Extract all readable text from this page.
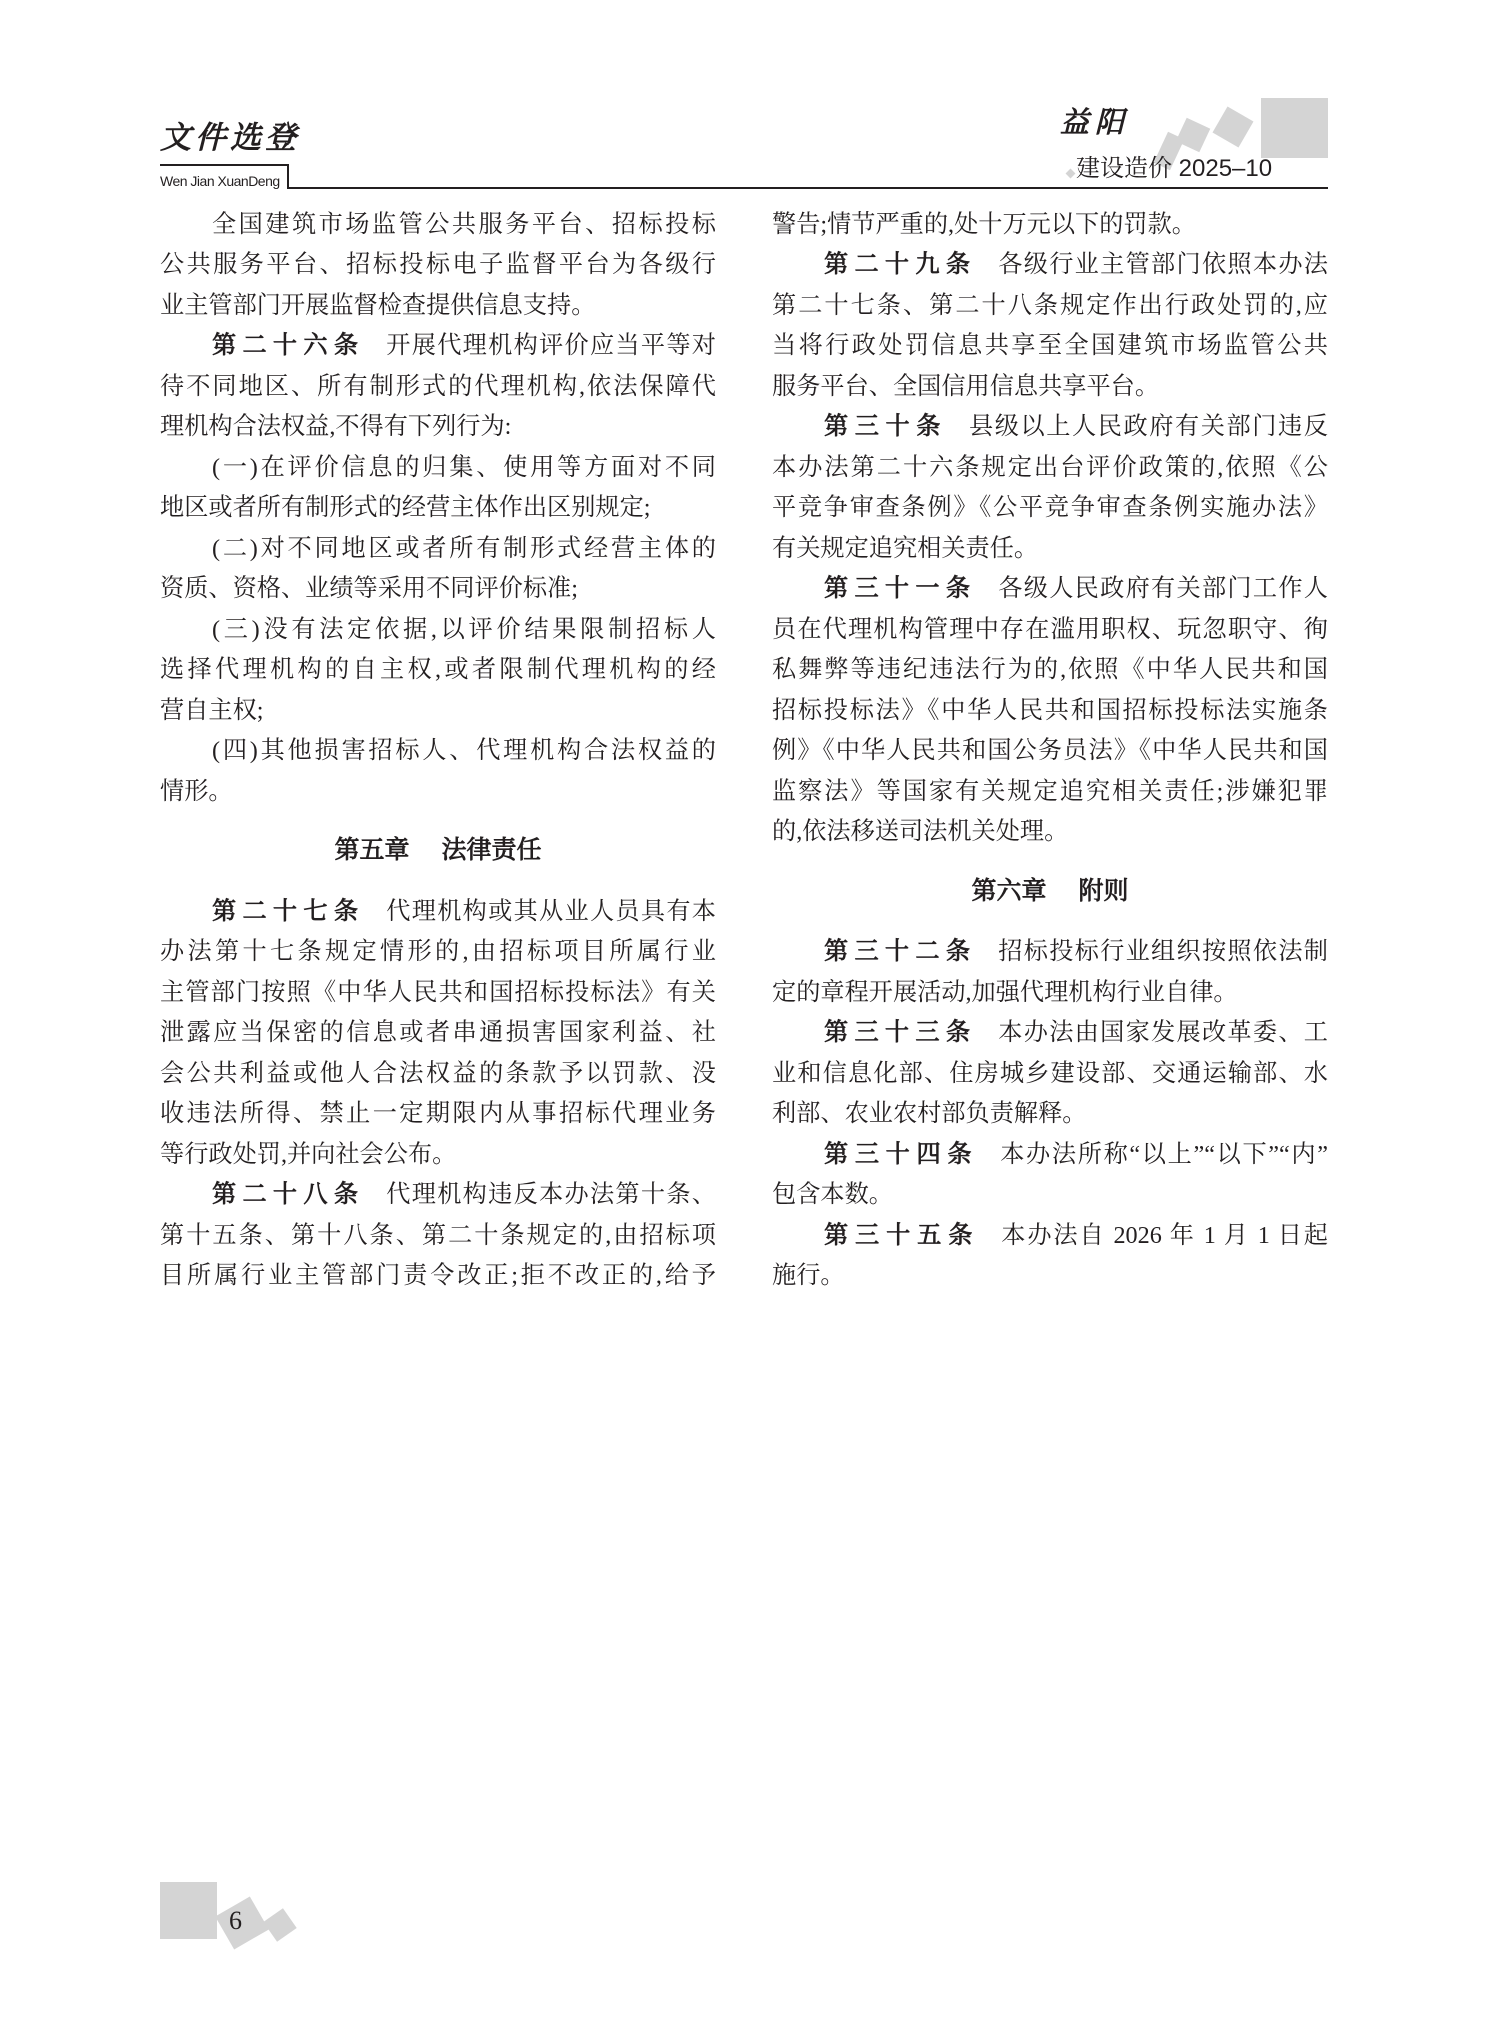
文件选登
Wen Jian XuanDeng
益阳
建设造价 2025–10
全国建筑市场监管公共服务平台、招标投标
公共服务平台、招标投标电子监督平台为各级行
业主管部门开展监督检查提供信息支持。
第二十六条 开展代理机构评价应当平等对
待不同地区、所有制形式的代理机构,依法保障代
理机构合法权益,不得有下列行为:
(一)在评价信息的归集、使用等方面对不同
地区或者所有制形式的经营主体作出区别规定;
(二)对不同地区或者所有制形式经营主体的
资质、资格、业绩等采用不同评价标准;
(三)没有法定依据,以评价结果限制招标人
选择代理机构的自主权,或者限制代理机构的经
营自主权;
(四)其他损害招标人、代理机构合法权益的
情形。
第五章 法律责任
第二十七条 代理机构或其从业人员具有本
办法第十七条规定情形的,由招标项目所属行业
主管部门按照《中华人民共和国招标投标法》有关
泄露应当保密的信息或者串通损害国家利益、社
会公共利益或他人合法权益的条款予以罚款、没
收违法所得、禁止一定期限内从事招标代理业务
等行政处罚,并向社会公布。
第二十八条 代理机构违反本办法第十条、
第十五条、第十八条、第二十条规定的,由招标项
目所属行业主管部门责令改正;拒不改正的,给予
警告;情节严重的,处十万元以下的罚款。
第二十九条 各级行业主管部门依照本办法
第二十七条、第二十八条规定作出行政处罚的,应
当将行政处罚信息共享至全国建筑市场监管公共
服务平台、全国信用信息共享平台。
第三十条 县级以上人民政府有关部门违反
本办法第二十六条规定出台评价政策的,依照《公
平竞争审查条例》《公平竞争审查条例实施办法》
有关规定追究相关责任。
第三十一条 各级人民政府有关部门工作人
员在代理机构管理中存在滥用职权、玩忽职守、徇
私舞弊等违纪违法行为的,依照《中华人民共和国
招标投标法》《中华人民共和国招标投标法实施条
例》《中华人民共和国公务员法》《中华人民共和国
监察法》等国家有关规定追究相关责任;涉嫌犯罪
的,依法移送司法机关处理。
第六章 附则
第三十二条 招标投标行业组织按照依法制
定的章程开展活动,加强代理机构行业自律。
第三十三条 本办法由国家发展改革委、工
业和信息化部、住房城乡建设部、交通运输部、水
利部、农业农村部负责解释。
第三十四条 本办法所称“以上”“以下”“内”
包含本数。
第三十五条 本办法自 2026 年 1 月 1 日起
施行。
6
